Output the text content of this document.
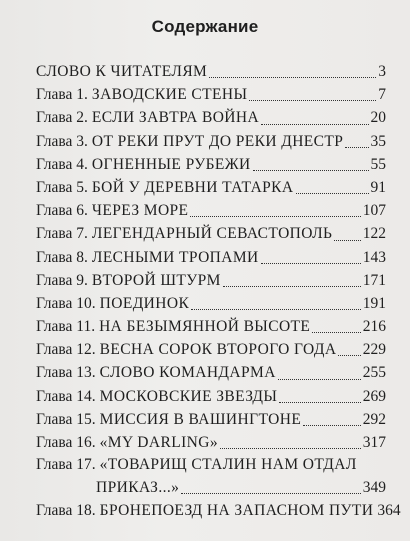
Содержание
СЛОВО К ЧИТАТЕЛЯМ	3
Глава 1. ЗАВОДСКИЕ СТЕНЫ	7
Глава 2. ЕСЛИ ЗАВТРА ВОЙНА	20
Глава 3. ОТ РЕКИ ПРУТ ДО РЕКИ ДНЕСТР 35
Глава 4. ОГНЕННЫЕ РУБЕЖИ	55
Глава 5. БОЙ У ДЕРЕВНИ ТАТАРКА	91
Глава 6. ЧЕРЕЗ МОРЕ	107
Глава 7. ЛЕГЕНДАРНЫЙ СЕВАСТОПОЛЬ 122
Глава 8. ЛЕСНЫМИ ТРОПАМИ	143
Глава 9. ВТОРОЙ ШТУРМ	171
Глава 10. ПОЕДИНОК	191
Глава 11. НА БЕЗЫМЯННОЙ ВЫСОТЕ	216
Глава 12. ВЕСНА СОРОК ВТОРОГО ГОДА 229
Глава 13. СЛОВО КОМАНДАРМА	255
Глава 14. МОСКОВСКИЕ ЗВЕЗДЫ	269
Глава 15. МИССИЯ В ВАШИНГТОНЕ	292
Глава 16. «MY DARLING»	317
Глава 17. «ТОВАРИЩ СТАЛИН НАМ ОТДАЛ
ПРИКАЗ...»	349
Глава 18. БРОНЕПОЕЗД НА ЗАПАСНОМ ПУТИ 364
